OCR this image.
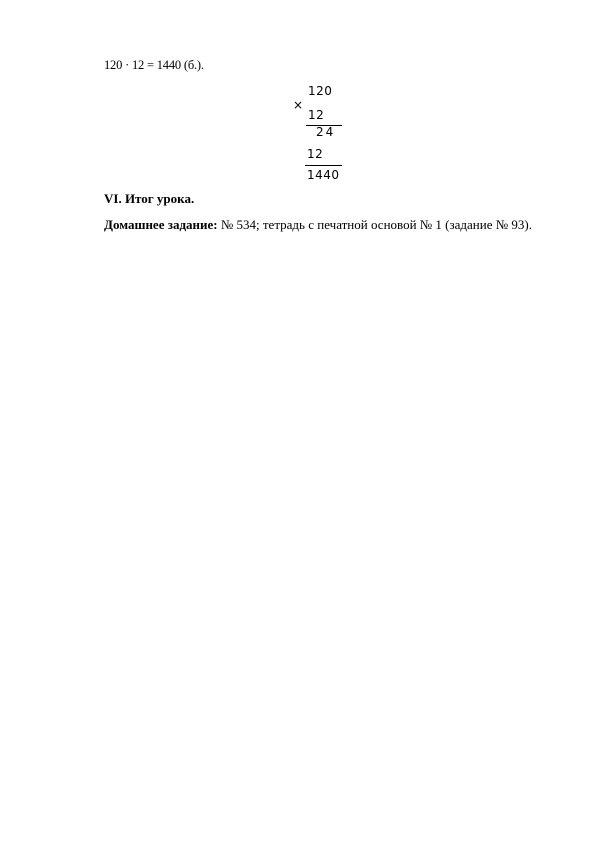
120 · 12 = 1440 (б.).
×
120
12
24
12
1440
VI. Итог урока.
Домашнее задание: № 534; тетрадь с печатной основой № 1 (задание № 93).
